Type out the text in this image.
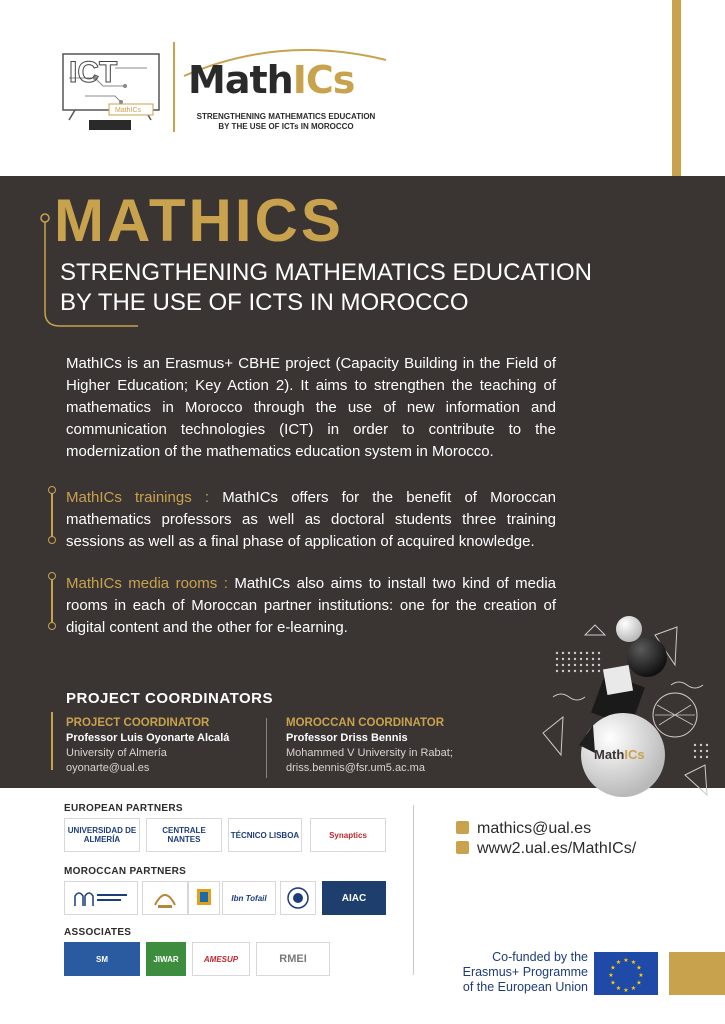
ICT
MathICs
MathICs
STRENGTHENING MATHEMATICS EDUCATION
BY THE USE OF ICTs IN MOROCCO
MATHICS
STRENGTHENING MATHEMATICS EDUCATION
BY THE USE OF ICTS IN MOROCCO

MathICs is an Erasmus+ CBHE project (Capacity Building in the Field of Higher Education; Key Action 2). It aims to strengthen the teaching of mathematics in Morocco through the use of new information and communication technologies (ICT) in order to contribute to the modernization of the mathematics education system in Morocco.

MathICs trainings : MathICs offers for the benefit of Moroccan mathematics professors as well as doctoral students three training sessions as well as a final phase of application of acquired knowledge.

MathICs media rooms : MathICs also aims to install two kind of media rooms in each of Moroccan partner institutions: one for the creation of digital content and the other for e-learning.

PROJECT COORDINATORS
PROJECT COORDINATOR
Professor Luis Oyonarte Alcalá
University of Almería
oyonarte@ual.es
MOROCCAN COORDINATOR
Professor Driss Bennis
Mohammed V University in Rabat;
driss.bennis@fsr.um5.ac.ma
MathICs
EUROPEAN PARTNERS
UNIVERSIDAD DE ALMERÍA
CENTRALE NANTES	TÉCNICO LISBOA	Synaptics
MOROCCAN PARTNERS
Ibn Tofail	AIAC
ASSOCIATES
SM	JIWAR	AMESUP	RMEI
mathics@ual.es
www2.ual.es/MathICs/
Co-funded by the
Erasmus+ Programme
of the European Union
★ ★
★
★
★
★
★
★
★
★
★
★
